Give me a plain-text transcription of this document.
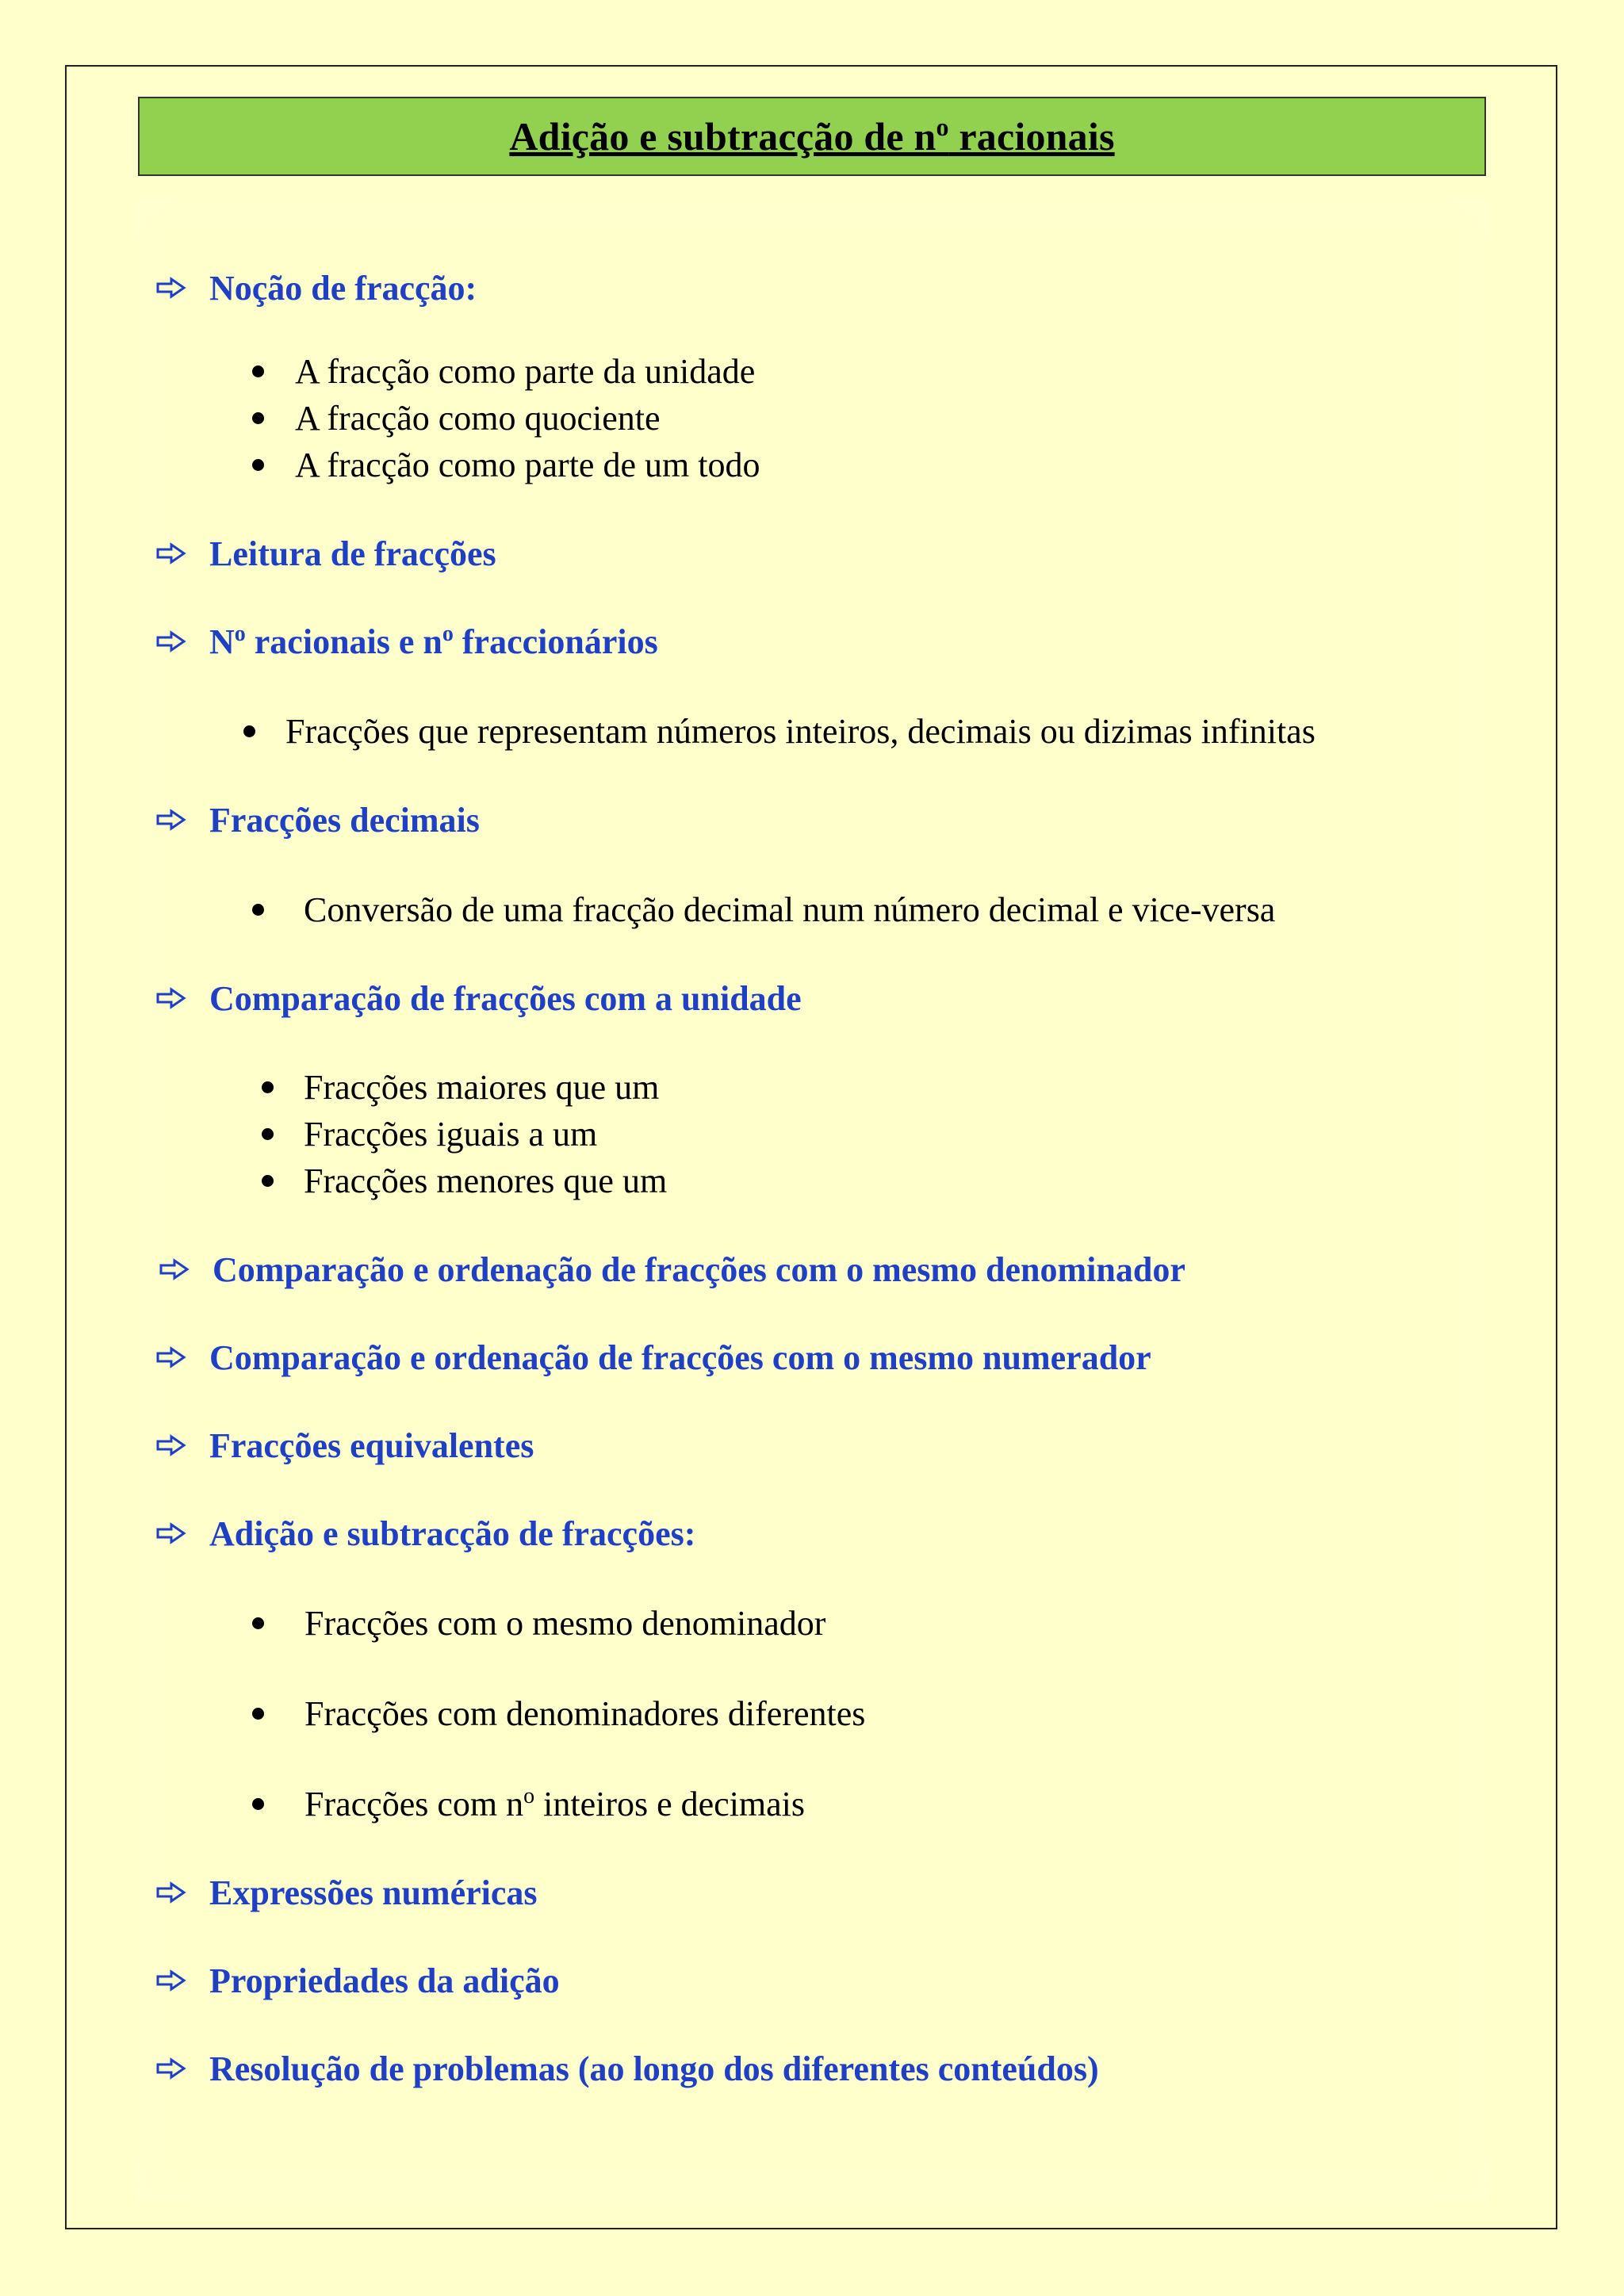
Adição e subtracção de $n^o$ racionais
Noção de fracção:
A fracção como parte da unidade
A fracção como quociente
A fracção como parte de um todo
Leitura de fracções
$N^o$ racionais e $n^o$ fraccionários
Fracções que representam números inteiros, decimais ou dizimas infinitas
Fracções decimais
Conversão de uma fracção decimal num número decimal e vice-versa
Comparação de fracções com a unidade
Fracções maiores que um
Fracções iguais a um
Fracções menores que um
Comparação e ordenação de fracções com o mesmo denominador
Comparação e ordenação de fracções com o mesmo numerador
Fracções equivalentes
Adição e subtracção de fracções:
Fracções com o mesmo denominador
Fracções com denominadores diferentes
Fracções com $n^o$ inteiros e decimais
Expressões numéricas
Propriedades da adição
Resolução de problemas (ao longo dos diferentes conteúdos)
